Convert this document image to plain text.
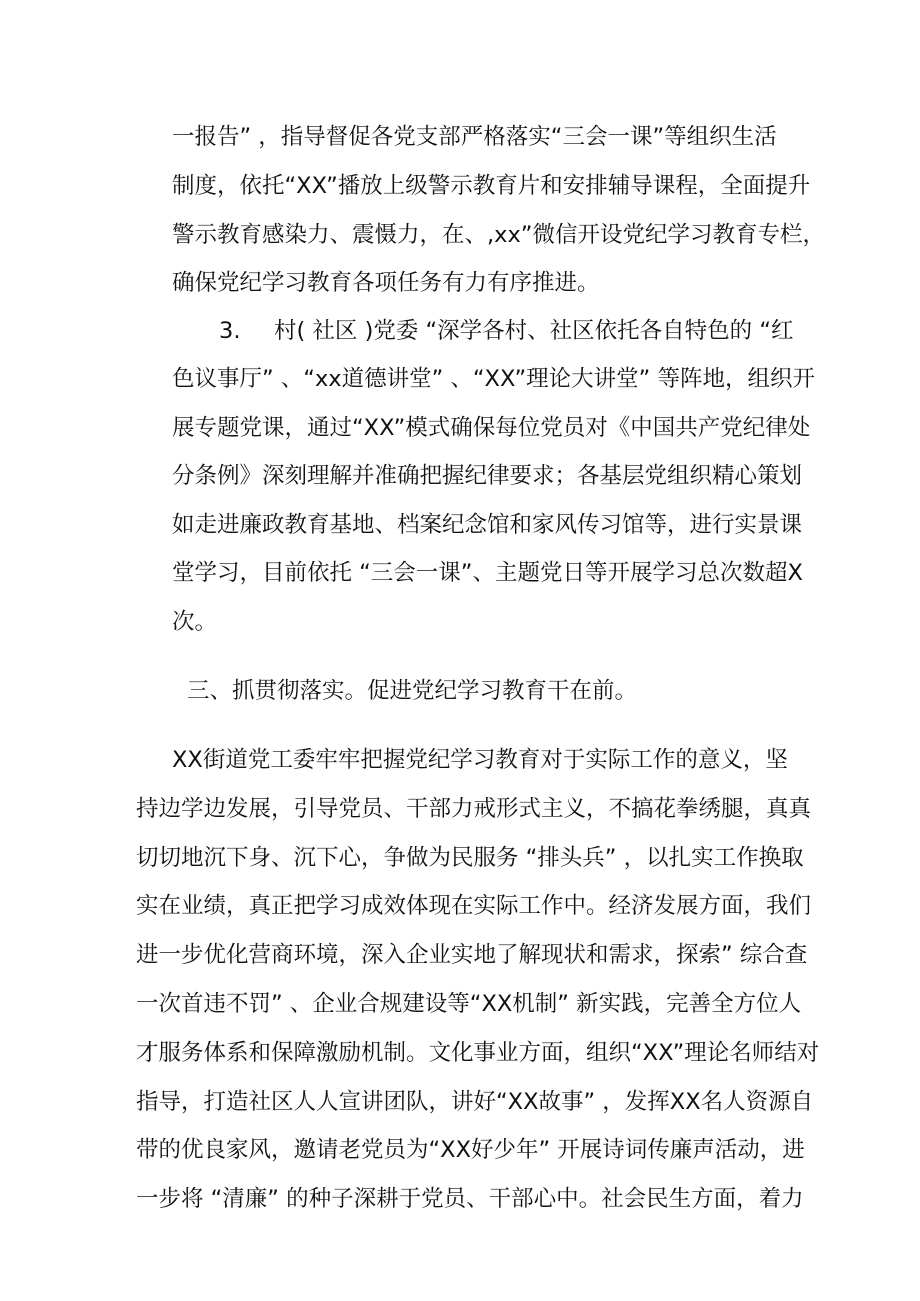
一报告” ，指导督促各党支部严格落实“三会一课”等组织生活
制度，依托“XX”播放上级警示教育片和安排辅导课程，全面提升
警示教育感染力、震慑力，在、,xx”微信开设党纪学习教育专栏，
确保党纪学习教育各项任务有力有序推进。
3. 村( 社区 )党委 “深学各村、社区依托各自特色的 “红
色议事厅” 、“xx道德讲堂” 、“XX”理论大讲堂” 等阵地，组织开
展专题党课，通过“XX”模式确保每位党员对《中国共产党纪律处
分条例》深刻理解并准确把握纪律要求；各基层党组织精心策划
如走进廉政教育基地、档案纪念馆和家风传习馆等，进行实景课
堂学习，目前依托 “三会一课”、主题党日等开展学习总次数超X
次。
三、抓贯彻落实。促进党纪学习教育干在前。
XX街道党工委牢牢把握党纪学习教育对于实际工作的意义，坚
持边学边发展，引导党员、干部力戒形式主义，不搞花拳绣腿，真真
切切地沉下身、沉下心，争做为民服务 “排头兵” ，以扎实工作换取
实在业绩，真正把学习成效体现在实际工作中。经济发展方面，我们
进一步优化营商环境，深入企业实地了解现状和需求，探索” 综合查
一次首违不罚” 、企业合规建设等“XX机制” 新实践，完善全方位人
才服务体系和保障激励机制。文化事业方面，组织“XX”理论名师结对
指导，打造社区人人宣讲团队，讲好“XX故事” ，发挥XX名人资源自
带的优良家风，邀请老党员为“XX好少年” 开展诗词传廉声活动，进
一步将 “清廉” 的种子深耕于党员、干部心中。社会民生方面，着力
